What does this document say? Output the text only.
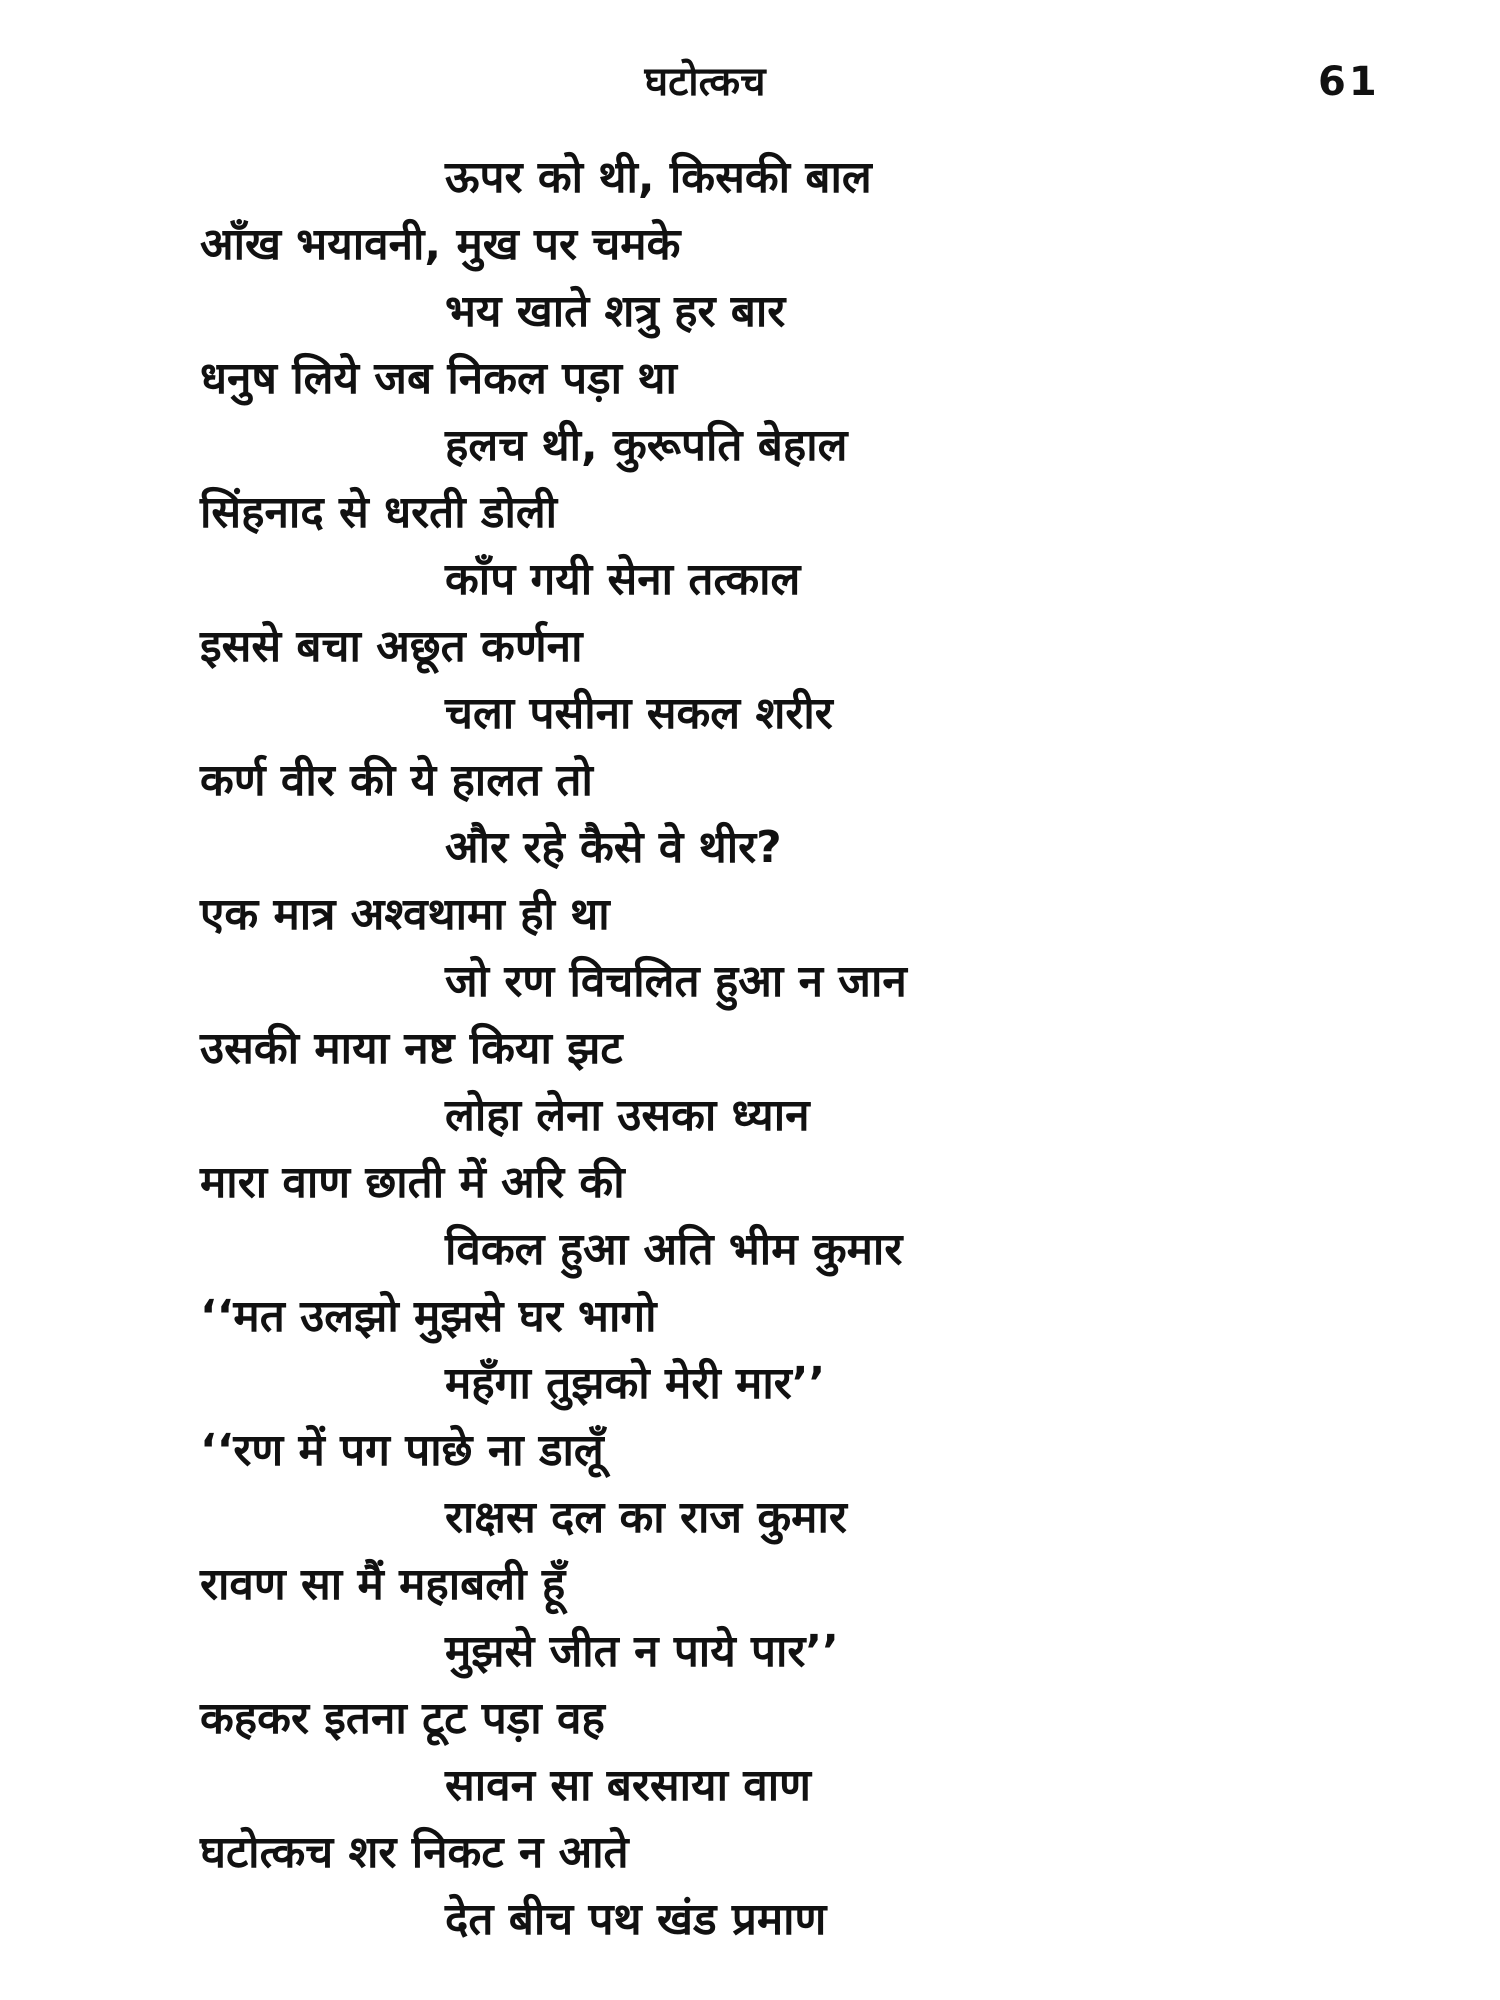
घटोत्कच	61
ऊपर को थी, किसकी बाल
आँख भयावनी, मुख पर चमके
भय खाते शत्रु हर बार
धनुष लिये जब निकल पड़ा था
हलच थी, कुरूपति बेहाल
सिंहनाद से धरती डोली
काँप गयी सेना तत्काल
इससे बचा अछूत कर्णना
चला पसीना सकल शरीर
कर्ण वीर की ये हालत तो
और रहे कैसे वे थीर?
एक मात्र अश्वथामा ही था
जो रण विचलित हुआ न जान
उसकी माया नष्ट किया झट
लोहा लेना उसका ध्यान
मारा वाण छाती में अरि की
विकल हुआ अति भीम कुमार
‘‘मत उलझो मुझसे घर भागो
महँगा तुझको मेरी मार’’
‘‘रण में पग पाछे ना डालूँ
राक्षस दल का राज कुमार
रावण सा मैं महाबली हूँ
मुझसे जीत न पाये पार’’
कहकर इतना टूट पड़ा वह
सावन सा बरसाया वाण
घटोत्कच शर निकट न आते
देत बीच पथ खंड प्रमाण
